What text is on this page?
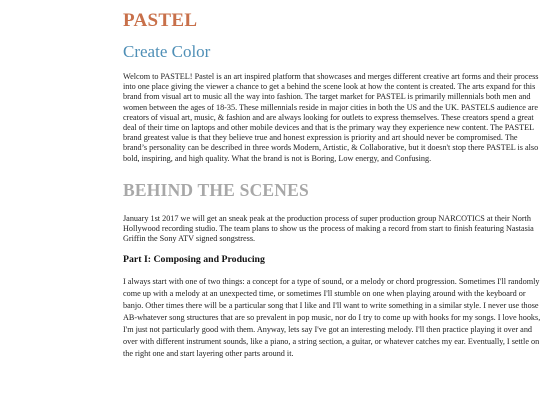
PASTEL
Create Color

Welcom to PASTEL! Pastel is an art inspired platform that showcases and merges different creative art forms and their process into one place giving the viewer a chance to get a behind the scene look at how the content is created. The arts expand for this brand from visual art to music all the way into fashion. The target market for PASTEL is primarily millennials both men and women between the ages of 18-35. These millennials reside in major cities in both the US and the UK. PASTELS audience are creators of visual art, music, & fashion and are always looking for outlets to express themselves. These creators spend a great deal of their time on laptops and other mobile devices and that is the primary way they experience new content. The PASTEL brand greatest value is that they believe true and honest expression is priority and art should never be compromised. The brand’s personality can be described in three words Modern, Artistic, & Collaborative, but it doesn't stop there PASTEL is also bold, inspiring, and high quality. What the brand is not is Boring, Low energy, and Confusing.

BEHIND THE SCENES

January 1st 2017 we will get an sneak peak at the production process of super production group NARCOTICS at their North Hollywood recording studio. The team plans to show us the process of making a record from start to finish featuring Nastasia Griffin the Sony ATV signed songstress.

Part I: Composing and Producing

I always start with one of two things: a concept for a type of sound, or a melody or chord progression. Sometimes I'll randomly come up with a melody at an unexpected time, or sometimes I'll stumble on one when playing around with the keyboard or banjo. Other times there will be a particular song that I like and I'll want to write something in a similar style. I never use those AB-whatever song structures that are so prevalent in pop music, nor do I try to come up with hooks for my songs. I love hooks, I'm just not particularly good with them. Anyway, lets say I've got an interesting melody. I'll then practice playing it over and over with different instrument sounds, like a piano, a string section, a guitar, or whatever catches my ear. Eventually, I settle on the right one and start layering other parts around it.
